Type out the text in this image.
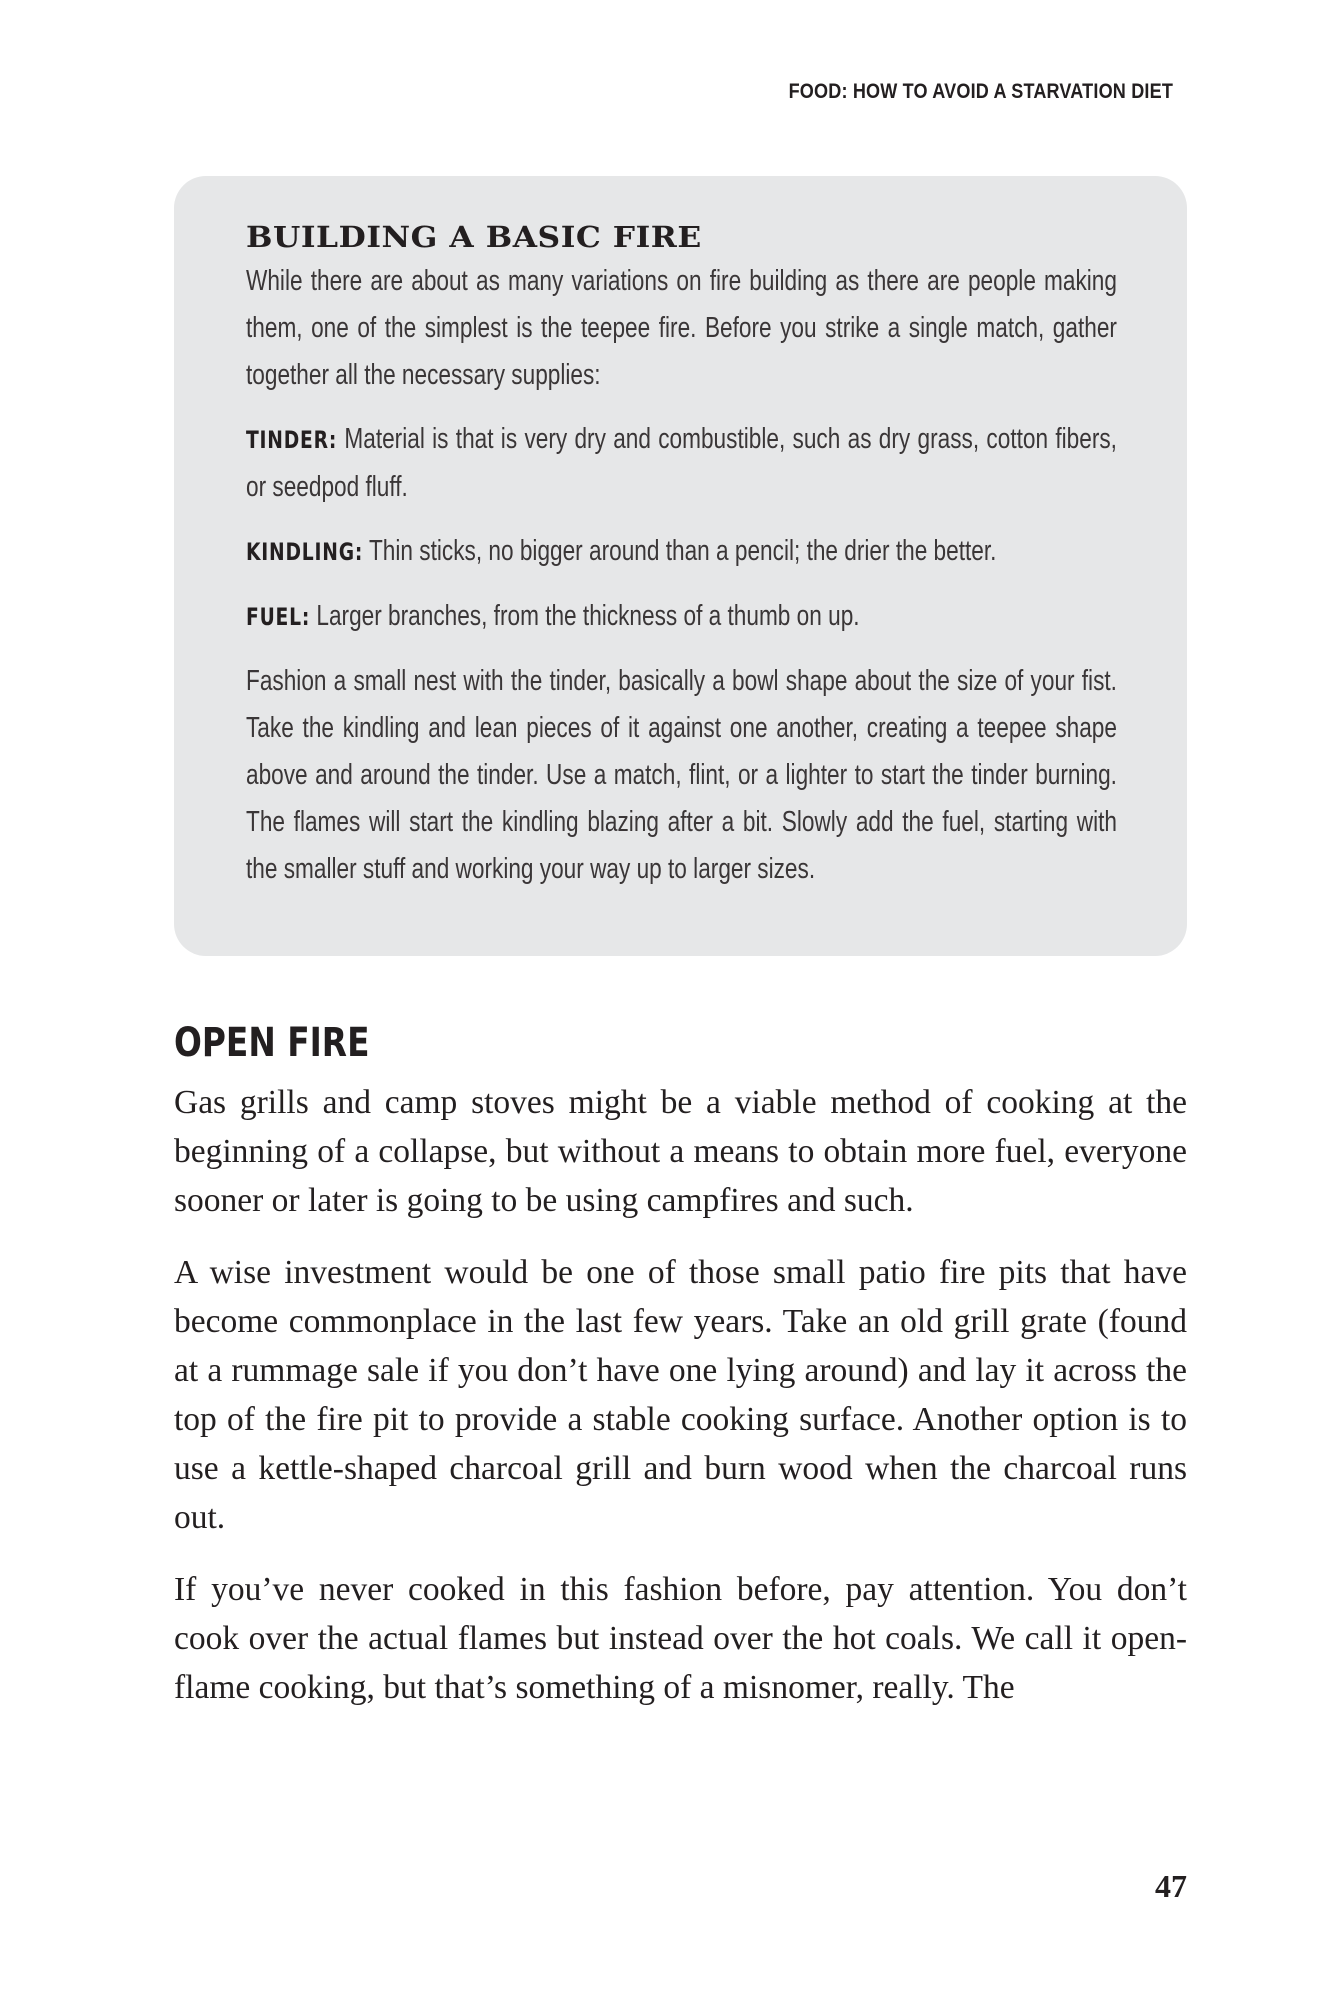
FOOD: HOW TO AVOID A STARVATION DIET
BUILDING A BASIC FIRE

While there are about as many variations on fire building as there are people making them, one of the simplest is the teepee fire. Before you strike a single match, gather together all the necessary supplies:

TINDER: Material is that is very dry and combustible, such as dry grass, cotton fibers, or seedpod fluff.

KINDLING: Thin sticks, no bigger around than a pencil; the drier the better.

FUEL: Larger branches, from the thickness of a thumb on up.

Fashion a small nest with the tinder, basically a bowl shape about the size of your fist. Take the kindling and lean pieces of it against one another, creating a teepee shape above and around the tinder. Use a match, flint, or a lighter to start the tinder burning. The flames will start the kindling blazing after a bit. Slowly add the fuel, starting with the smaller stuff and working your way up to larger sizes.

OPEN FIRE

Gas grills and camp stoves might be a viable method of cooking at the beginning of a collapse, but without a means to obtain more fuel, everyone sooner or later is going to be using campfires and such.

A wise investment would be one of those small patio fire pits that have become commonplace in the last few years. Take an old grill grate (found at a rummage sale if you don’t have one lying around) and lay it across the top of the fire pit to provide a stable cooking surface. Another option is to use a kettle-shaped charcoal grill and burn wood when the charcoal runs out.

If you’ve never cooked in this fashion before, pay attention. You don’t cook over the actual flames but instead over the hot coals. We call it open-flame cooking, but that’s something of a misnomer, really. The

47
